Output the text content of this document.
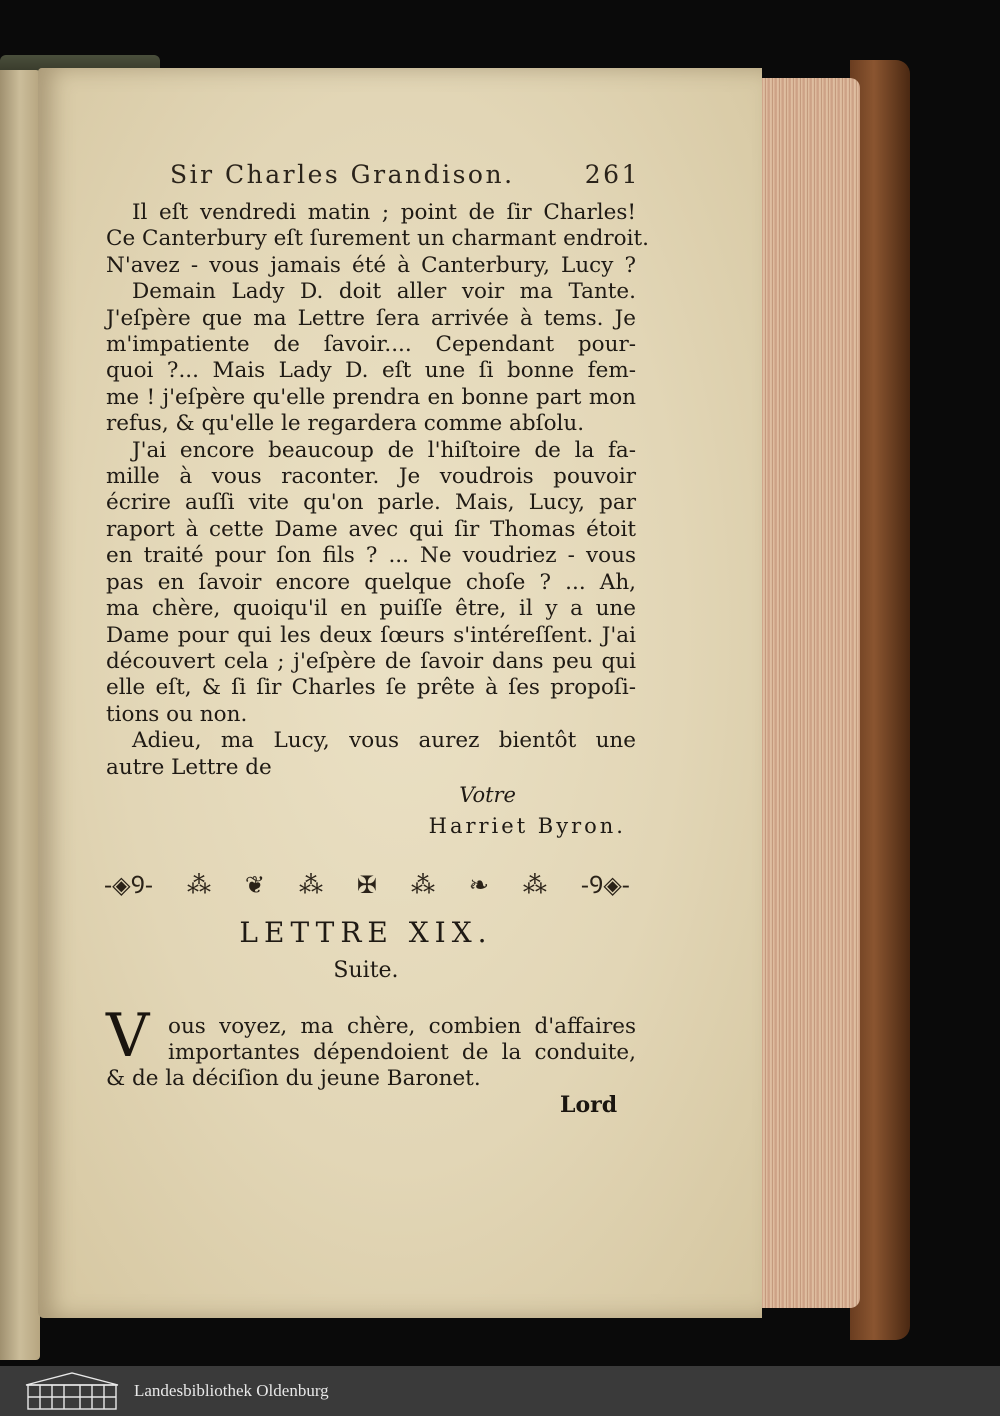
Sir Charles Grandison.	261
Il eſt vendredi matin ; point de ſir Charles!
Ce Canterbury eſt ſurement un charmant endroit.
N'avez - vous jamais été à Canterbury, Lucy ?
Demain Lady D. doit aller voir ma Tante.
J'eſpère que ma Lettre ſera arrivée à tems. Je
m'impatiente de ſavoir.... Cependant pour-
quoi ?... Mais Lady D. eſt une ſi bonne fem-
me ! j'eſpère qu'elle prendra en bonne part mon
refus, & qu'elle le regardera comme abſolu.
J'ai encore beaucoup de l'hiſtoire de la fa-
mille à vous raconter. Je voudrois pouvoir
écrire auſſi vite qu'on parle. Mais, Lucy, par
raport à cette Dame avec qui ſir Thomas étoit
en traité pour ſon fils ? ... Ne voudriez - vous
pas en ſavoir encore quelque choſe ? ... Ah,
ma chère, quoiqu'il en puiſſe être, il y a une
Dame pour qui les deux ſœurs s'intéreſſent. J'ai
découvert cela ; j'eſpère de ſavoir dans peu qui
elle eſt, & ſi ſir Charles ſe prête à ſes propoſi-
tions ou non.
Adieu, ma Lucy, vous aurez bientôt une
autre Lettre de
Votre
Harriet Byron.
-◈Ꝯ- ⁂ ❦ ⁂ ✠ ⁂ ❧ ⁂ -Ꝯ◈-
LETTRE XIX.
Suite.
V ous voyez, ma chère, combien d'affaires
importantes dépendoient de la conduite,
& de la déciſion du jeune Baronet.
Lord
Landesbibliothek Oldenburg
